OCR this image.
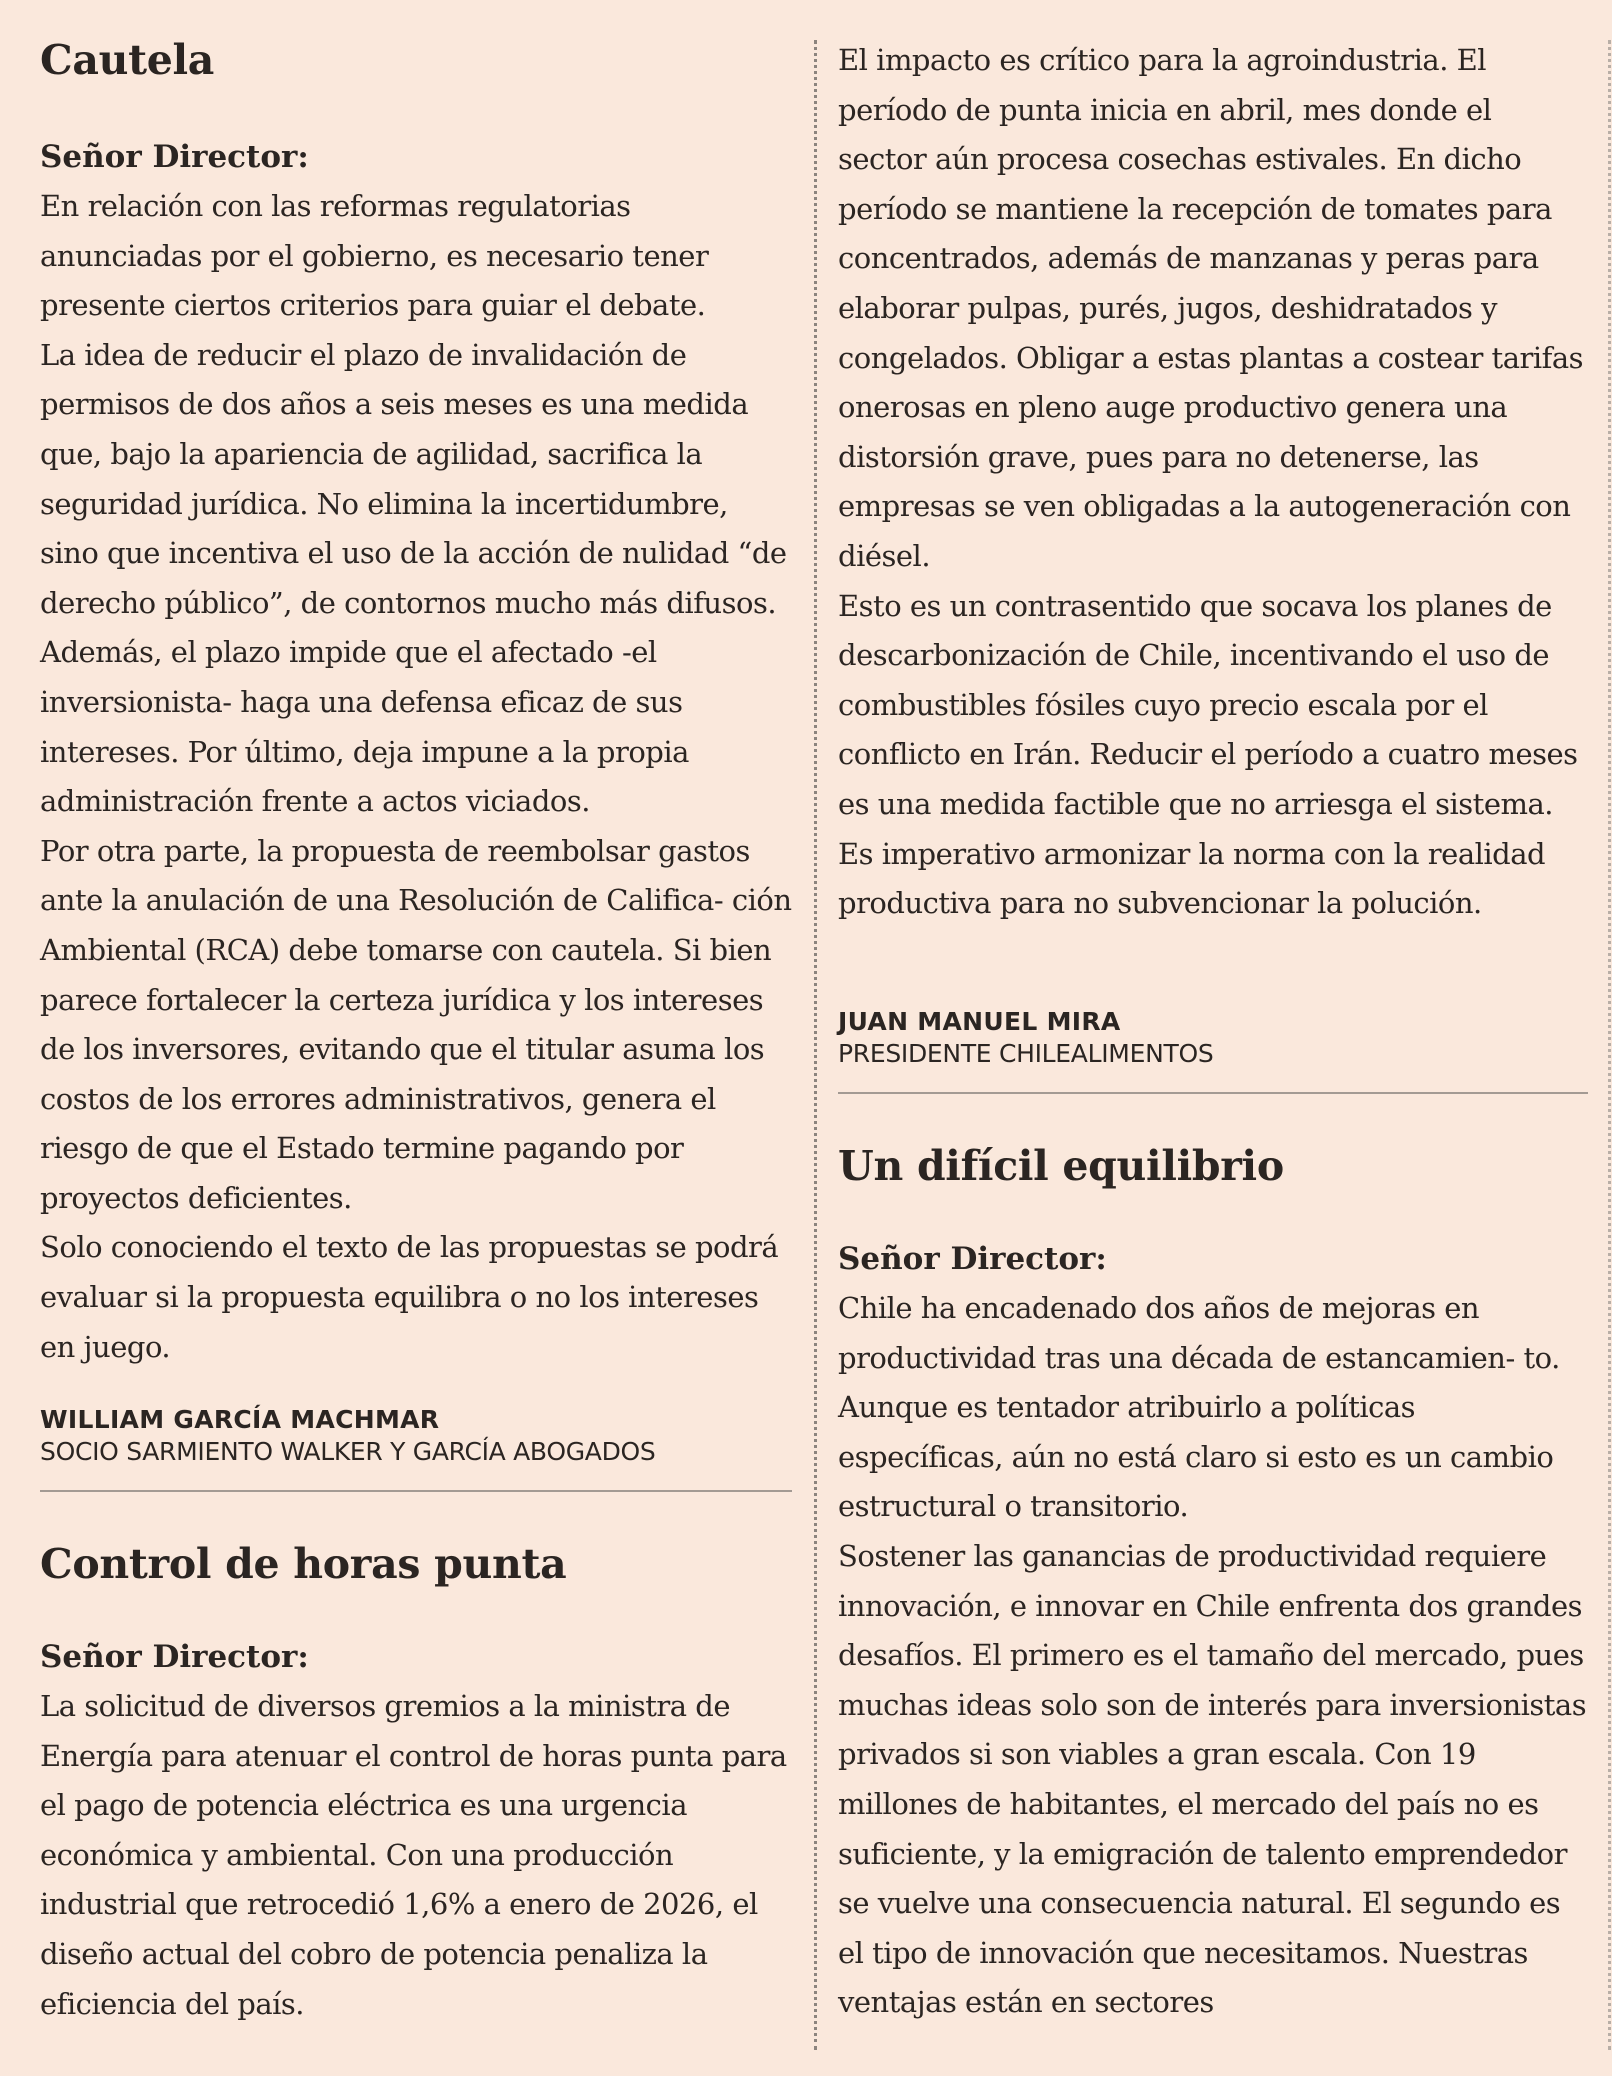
Cautela
Señor Director:

En relación con las reformas regulatorias anunciadas por el gobierno, es necesario tener presente ciertos criterios para guiar el debate.

La idea de reducir el plazo de invalidación de permisos de dos años a seis meses es una medida que, bajo la apariencia de agilidad, sacrifica la seguridad jurídica. No elimina la incertidumbre, sino que incentiva el uso de la acción de nulidad “de derecho público”, de contornos mucho más difusos. Además, el plazo impide que el afectado -el inversionista- haga una defensa eficaz de sus intereses. Por último, deja impune a la propia administración frente a actos viciados.

Por otra parte, la propuesta de reembolsar gastos ante la anulación de una Resolución de Califica- ción Ambiental (RCA) debe tomarse con cautela. Si bien parece fortalecer la certeza jurídica y los intereses de los inversores, evitando que el titular asuma los costos de los errores administrativos, genera el riesgo de que el Estado termine pagando por proyectos deficientes.

Solo conociendo el texto de las propuestas se podrá evaluar si la propuesta equilibra o no los intereses en juego.

WILLIAM GARCÍA MACHMAR
SOCIO SARMIENTO WALKER Y GARCÍA ABOGADOS
Control de horas punta
Señor Director:

La solicitud de diversos gremios a la ministra de Energía para atenuar el control de horas punta para el pago de potencia eléctrica es una urgencia económica y ambiental. Con una producción industrial que retrocedió 1,6% a enero de 2026, el diseño actual del cobro de potencia penaliza la eficiencia del país.

El impacto es crítico para la agroindustria. El período de punta inicia en abril, mes donde el sector aún procesa cosechas estivales. En dicho período se mantiene la recepción de tomates para concentrados, además de manzanas y peras para elaborar pulpas, purés, jugos, deshidratados y congelados. Obligar a estas plantas a costear tarifas onerosas en pleno auge productivo genera una distorsión grave, pues para no detenerse, las empresas se ven obligadas a la autogeneración con diésel.

Esto es un contrasentido que socava los planes de descarbonización de Chile, incentivando el uso de combustibles fósiles cuyo precio escala por el conflicto en Irán. Reducir el período a cuatro meses es una medida factible que no arriesga el sistema. Es imperativo armonizar la norma con la realidad productiva para no subvencionar la polución.

JUAN MANUEL MIRA
PRESIDENTE CHILEALIMENTOS
Un difícil equilibrio
Señor Director:

Chile ha encadenado dos años de mejoras en productividad tras una década de estancamien- to. Aunque es tentador atribuirlo a políticas específicas, aún no está claro si esto es un cambio estructural o transitorio.

Sostener las ganancias de productividad requiere innovación, e innovar en Chile enfrenta dos grandes desafíos. El primero es el tamaño del mercado, pues muchas ideas solo son de interés para inversionistas privados si son viables a gran escala. Con 19 millones de habitantes, el mercado del país no es suficiente, y la emigración de talento emprendedor se vuelve una consecuencia natural. El segundo es el tipo de innovación que necesitamos. Nuestras ventajas están en sectores
